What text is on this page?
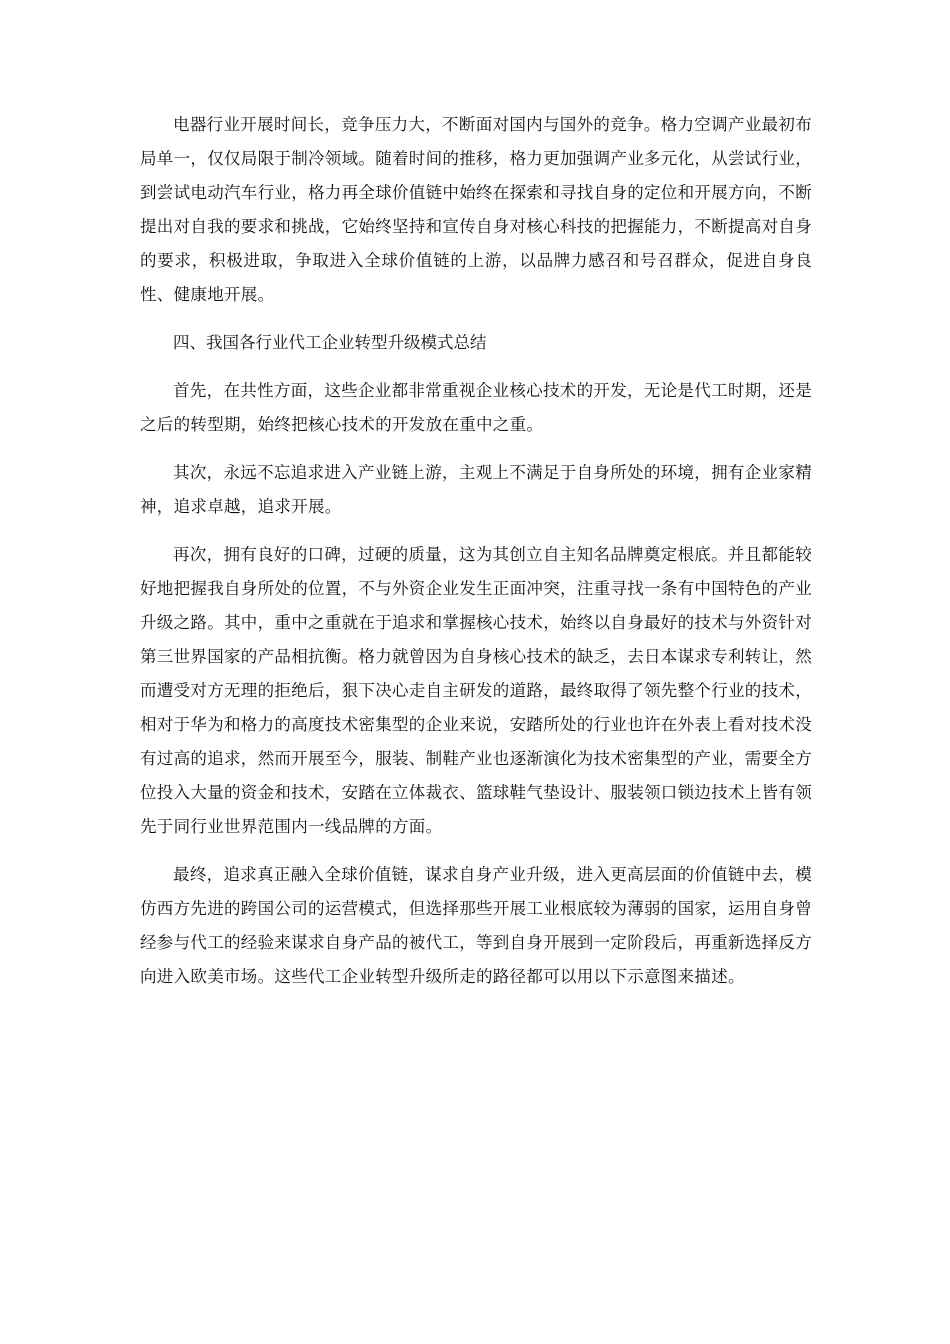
电器行业开展时间长，竞争压力大，不断面对国内与国外的竞争。格力空调产业最初布局单一，仅仅局限于制冷领域。随着时间的推移，格力更加强调产业多元化，从尝试行业，到尝试电动汽车行业，格力再全球价值链中始终在探索和寻找自身的定位和开展方向，不断提出对自我的要求和挑战，它始终坚持和宣传自身对核心科技的把握能力，不断提高对自身的要求，积极进取，争取进入全球价值链的上游，以品牌力感召和号召群众，促进自身良性、健康地开展。

四、我国各行业代工企业转型升级模式总结

首先，在共性方面，这些企业都非常重视企业核心技术的开发，无论是代工时期，还是之后的转型期，始终把核心技术的开发放在重中之重。

其次，永远不忘追求进入产业链上游，主观上不满足于自身所处的环境，拥有企业家精神，追求卓越，追求开展。

再次，拥有良好的口碑，过硬的质量，这为其创立自主知名品牌奠定根底。并且都能较好地把握我自身所处的位置，不与外资企业发生正面冲突，注重寻找一条有中国特色的产业升级之路。其中，重中之重就在于追求和掌握核心技术，始终以自身最好的技术与外资针对第三世界国家的产品相抗衡。格力就曾因为自身核心技术的缺乏，去日本谋求专利转让，然而遭受对方无理的拒绝后，狠下决心走自主研发的道路，最终取得了领先整个行业的技术，相对于华为和格力的高度技术密集型的企业来说，安踏所处的行业也许在外表上看对技术没有过高的追求，然而开展至今，服装、制鞋产业也逐渐演化为技术密集型的产业，需要全方位投入大量的资金和技术，安踏在立体裁衣、篮球鞋气垫设计、服装领口锁边技术上皆有领先于同行业世界范围内一线品牌的方面。

最终，追求真正融入全球价值链，谋求自身产业升级，进入更高层面的价值链中去，模仿西方先进的跨国公司的运营模式，但选择那些开展工业根底较为薄弱的国家，运用自身曾经参与代工的经验来谋求自身产品的被代工，等到自身开展到一定阶段后，再重新选择反方向进入欧美市场。这些代工企业转型升级所走的路径都可以用以下示意图来描述。
